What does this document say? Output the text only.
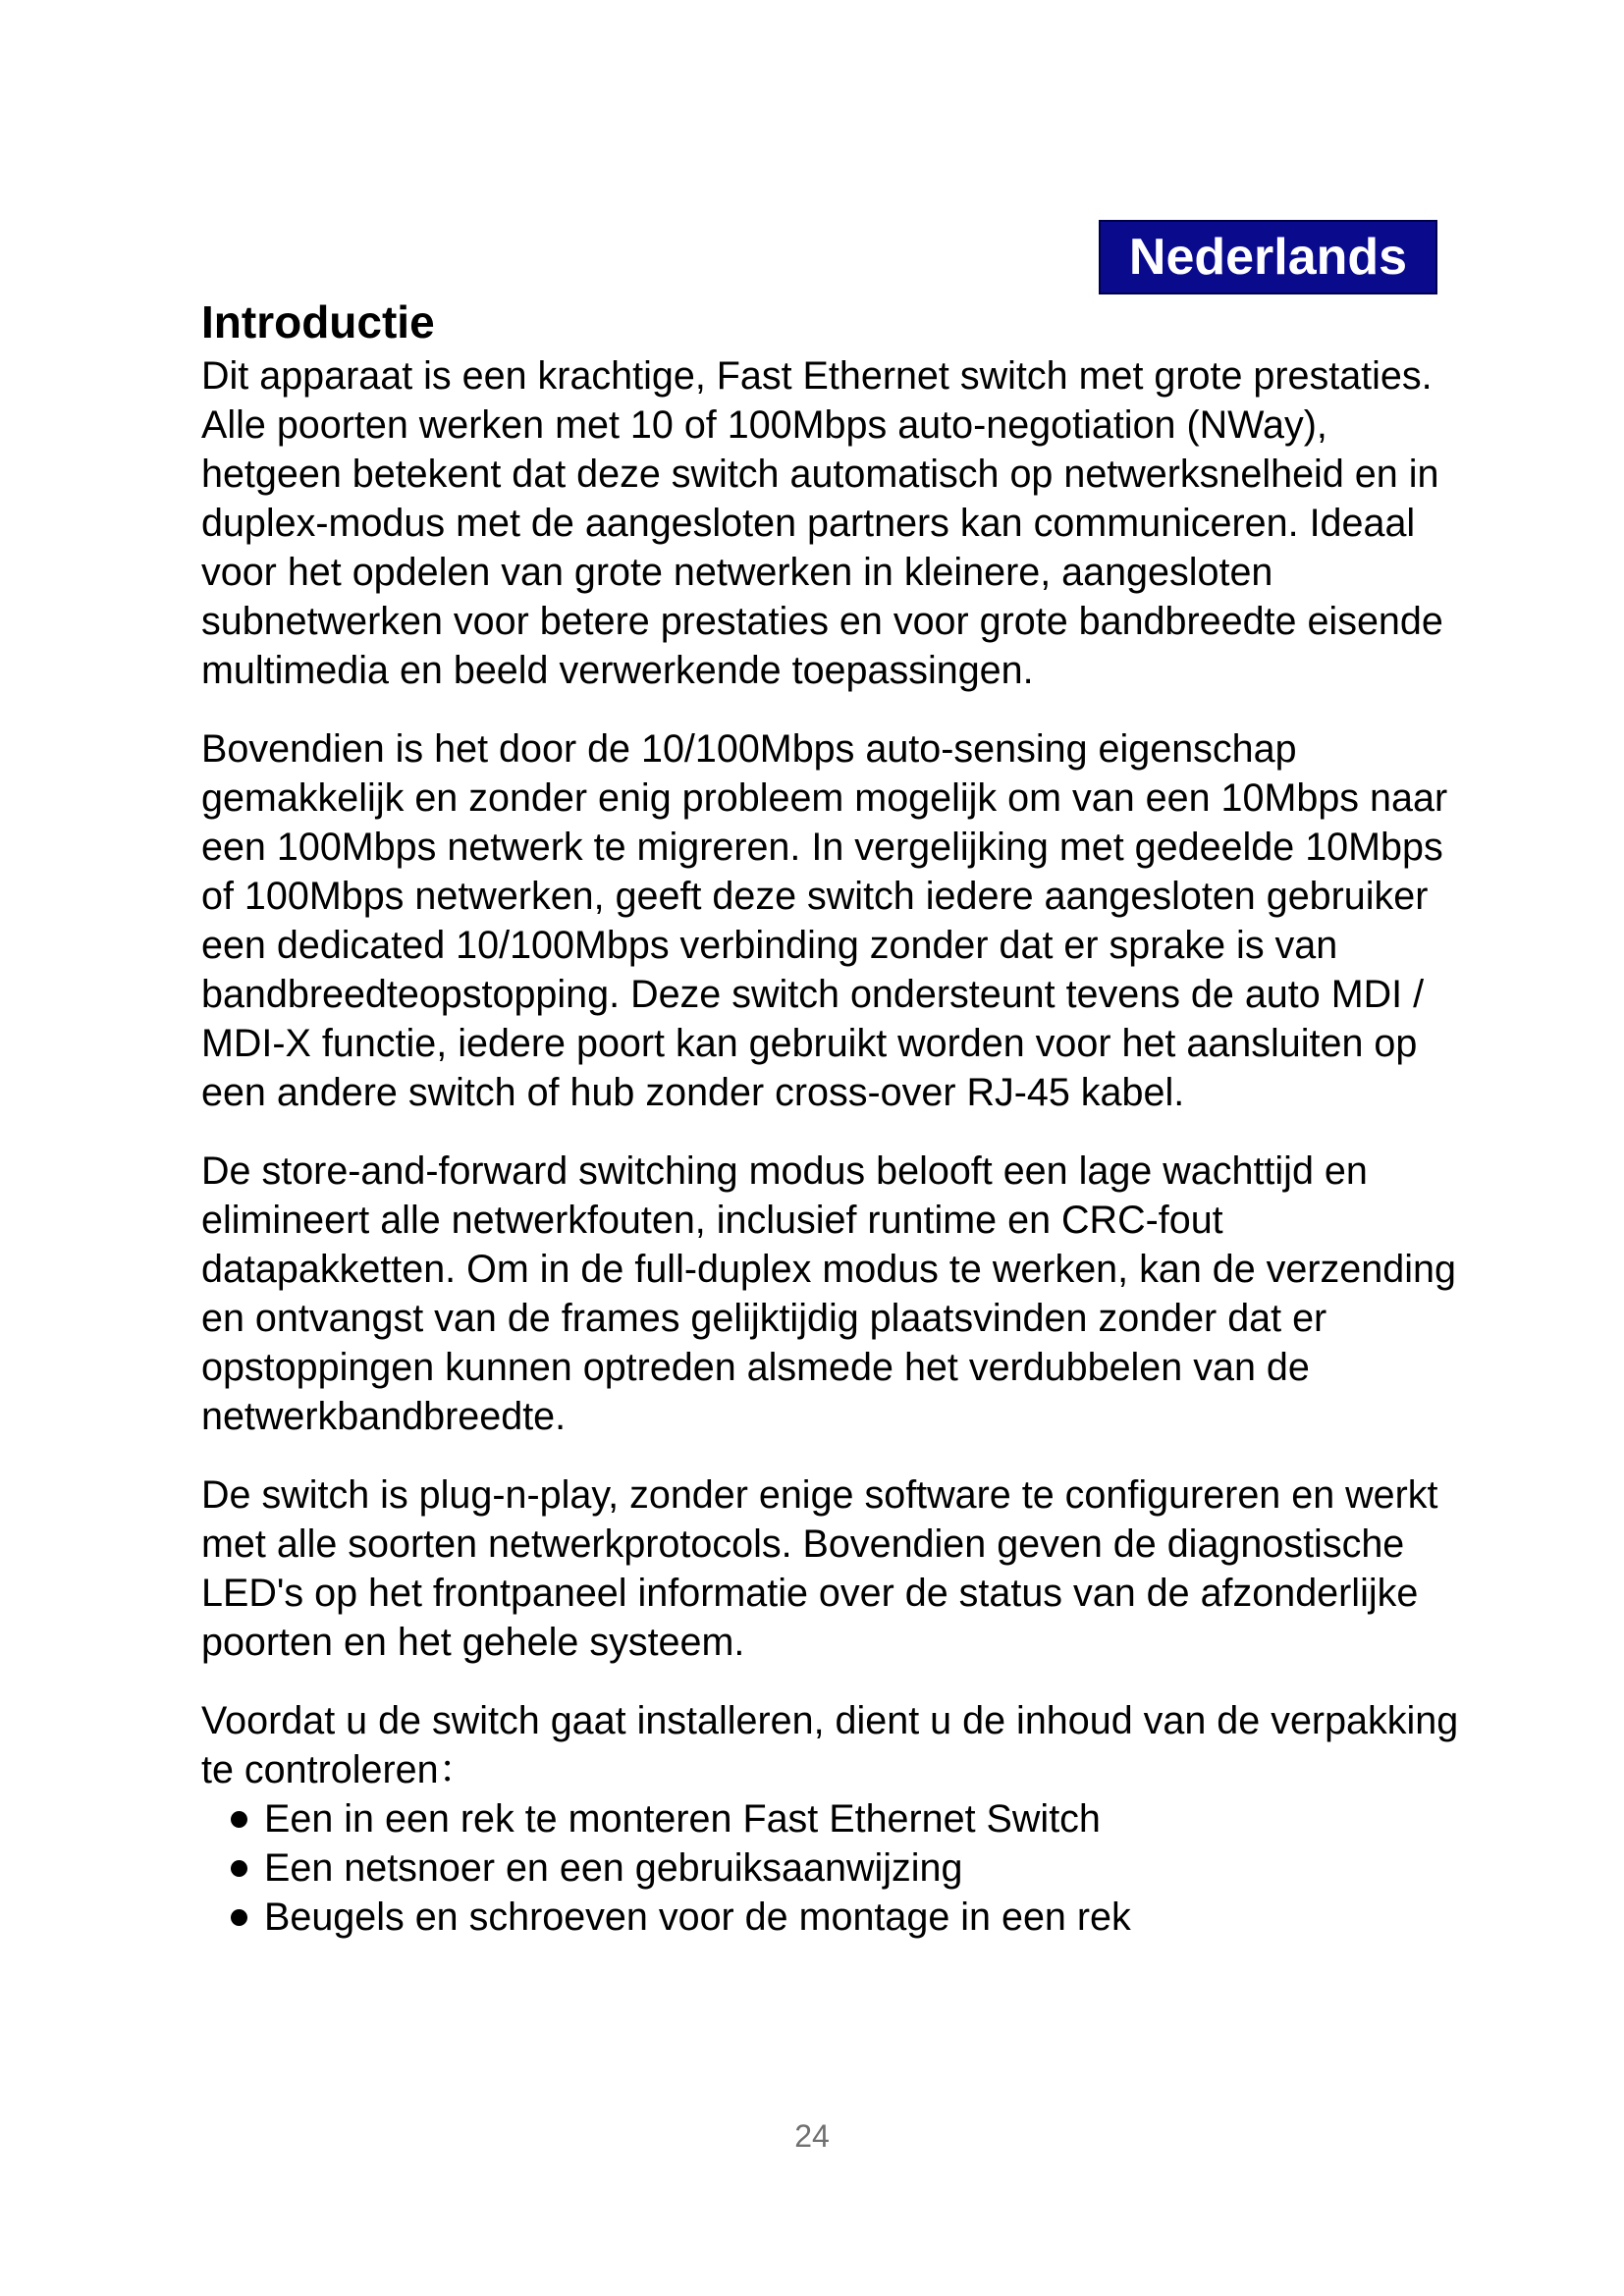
Nederlands
Introductie

Dit apparaat is een krachtige, Fast Ethernet switch met grote prestaties. Alle poorten werken met 10 of 100Mbps auto-negotiation (NWay), hetgeen betekent dat deze switch automatisch op netwerksnelheid en in duplex-modus met de aangesloten partners kan communiceren. Ideaal voor het opdelen van grote netwerken in kleinere, aangesloten subnetwerken voor betere prestaties en voor grote bandbreedte eisende multimedia en beeld verwerkende toepassingen.

Bovendien is het door de 10/100Mbps auto-sensing eigenschap gemakkelijk en zonder enig probleem mogelijk om van een 10Mbps naar een 100Mbps netwerk te migreren. In vergelijking met gedeelde 10Mbps of 100Mbps netwerken, geeft deze switch iedere aangesloten gebruiker een dedicated 10/100Mbps verbinding zonder dat er sprake is van bandbreedteopstopping. Deze switch ondersteunt tevens de auto MDI / MDI-X functie, iedere poort kan gebruikt worden voor het aansluiten op een andere switch of hub zonder cross-over RJ-45 kabel.

De store-and-forward switching modus belooft een lage wachttijd en elimineert alle netwerkfouten, inclusief runtime en CRC-fout datapakketten. Om in de full-duplex modus te werken, kan de verzending en ontvangst van de frames gelijktijdig plaatsvinden zonder dat er opstoppingen kunnen optreden alsmede het verdubbelen van de netwerkbandbreedte.

De switch is plug-n-play, zonder enige software te configureren en werkt met alle soorten netwerkprotocols. Bovendien geven de diagnostische LED's op het frontpaneel informatie over de status van de afzonderlijke poorten en het gehele systeem.

Voordat u de switch gaat installeren, dient u de inhoud van de verpakking te controleren：

Een in een rek te monteren Fast Ethernet Switch
Een netsnoer en een gebruiksaanwijzing
Beugels en schroeven voor de montage in een rek
24
